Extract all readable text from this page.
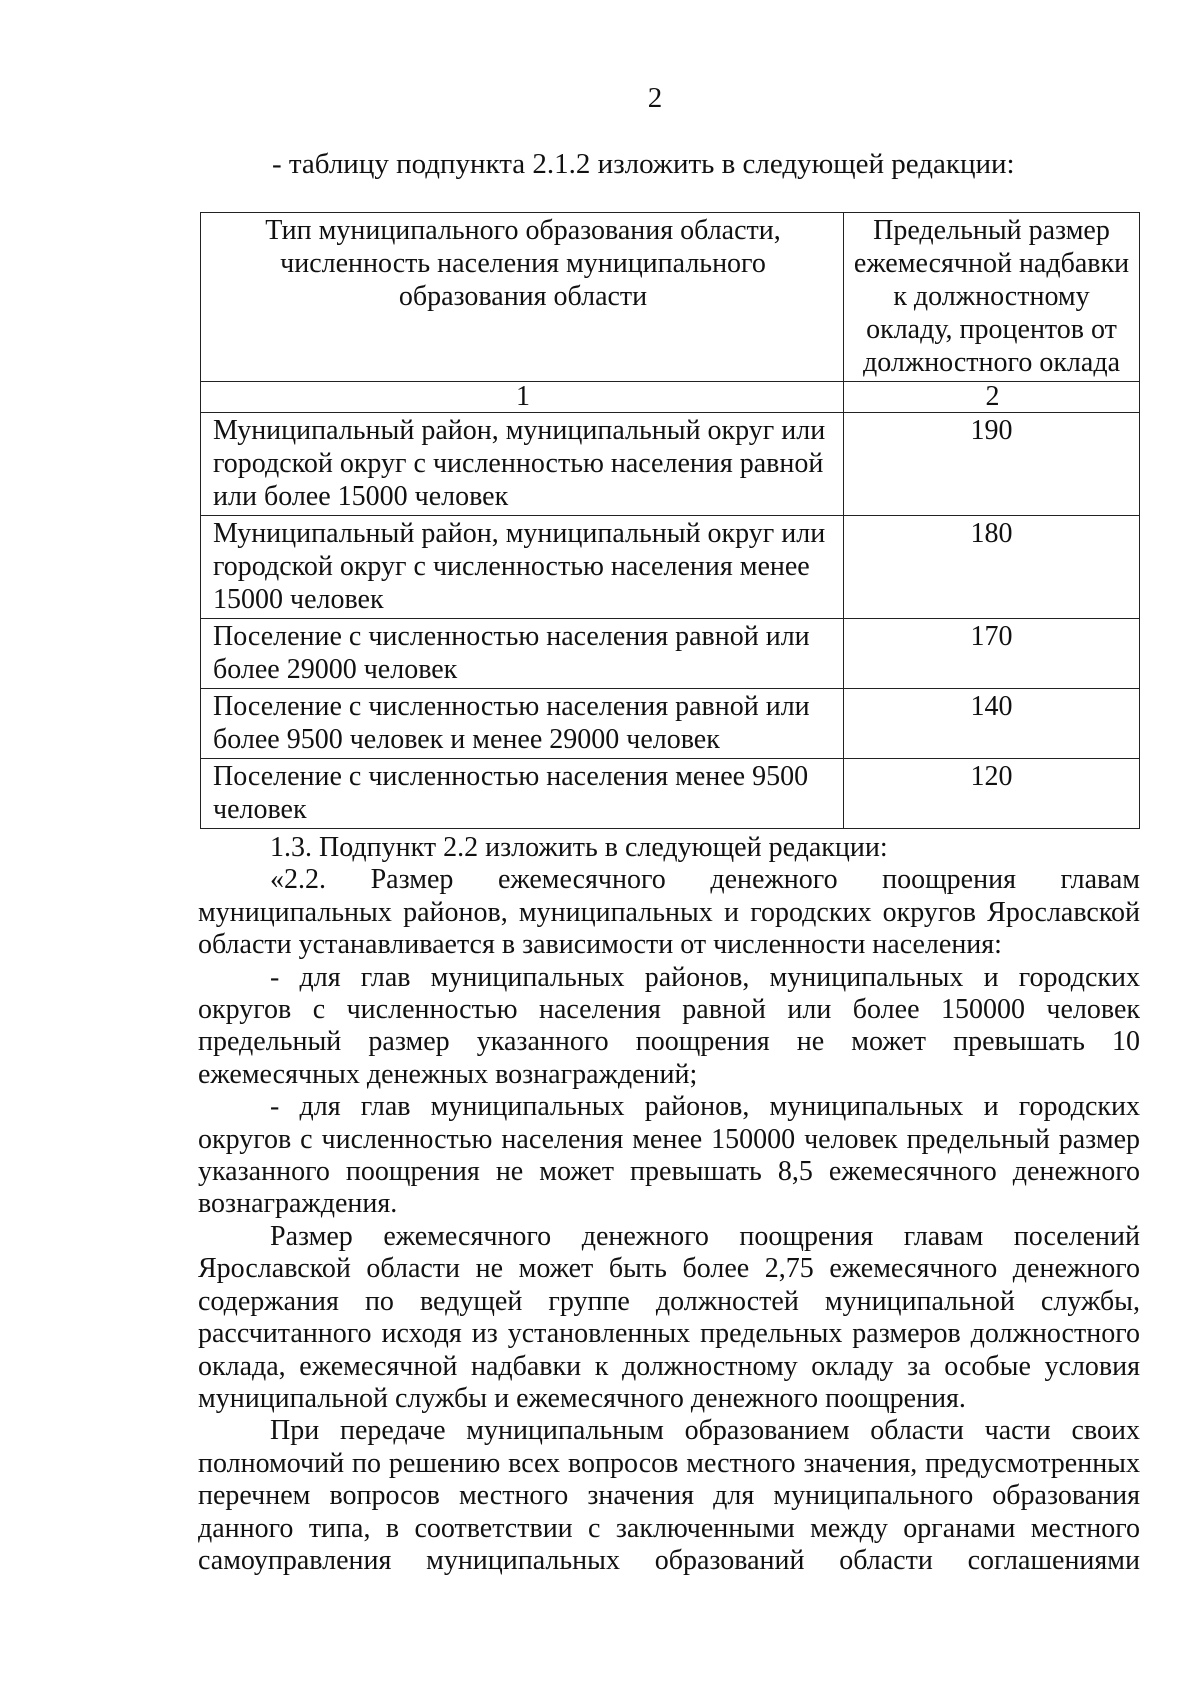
2
- таблицу подпункта 2.1.2 изложить в следующей редакции:
Тип муниципального образования области, численность населения муниципального образования области	Предельный размер ежемесячной надбавки к должностному окладу, процентов от должностного оклада
1	2
Муниципальный район, муниципальный округ или городской округ с численностью населения равной или более 15000 человек	190
Муниципальный район, муниципальный округ или городской округ с численностью населения менее 15000 человек	180
Поселение с численностью населения равной или более 29000 человек	170
Поселение с численностью населения равной или более 9500 человек и менее 29000 человек	140
Поселение с численностью населения менее 9500 человек	120

1.3. Подпункт 2.2 изложить в следующей редакции:

«2.2. Размер ежемесячного денежного поощрения главам муниципальных районов, муниципальных и городских округов Ярославской области устанавливается в зависимости от численности населения:

- для глав муниципальных районов, муниципальных и городских округов с численностью населения равной или более 150000 человек предельный размер указанного поощрения не может превышать 10 ежемесячных денежных вознаграждений;

- для глав муниципальных районов, муниципальных и городских округов с численностью населения менее 150000 человек предельный размер указанного поощрения не может превышать 8,5 ежемесячного денежного вознаграждения.

Размер ежемесячного денежного поощрения главам поселений Ярославской области не может быть более 2,75 ежемесячного денежного содержания по ведущей группе должностей муниципальной службы, рассчитанного исходя из установленных предельных размеров должностного оклада, ежемесячной надбавки к должностному окладу за особые условия муниципальной службы и ежемесячного денежного поощрения.

При передаче муниципальным образованием области части своих полномочий по решению всех вопросов местного значения, предусмотренных перечнем вопросов местного значения для муниципального образования данного типа, в соответствии с заключенными между органами местного самоуправления муниципальных образований области соглашениями
